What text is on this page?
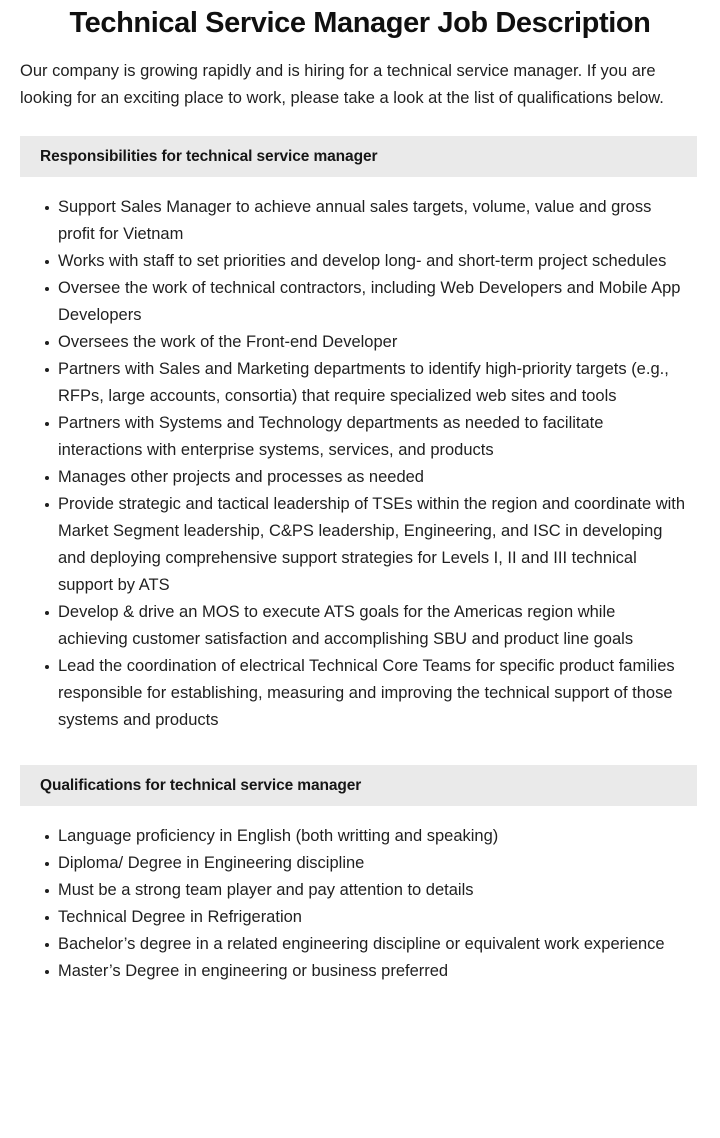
Technical Service Manager Job Description

Our company is growing rapidly and is hiring for a technical service manager. If you are looking for an exciting place to work, please take a look at the list of qualifications below.

Responsibilities for technical service manager
Support Sales Manager to achieve annual sales targets, volume, value and gross profit for Vietnam
Works with staff to set priorities and develop long- and short-term project schedules
Oversee the work of technical contractors, including Web Developers and Mobile App Developers
Oversees the work of the Front-end Developer
Partners with Sales and Marketing departments to identify high-priority targets (e.g., RFPs, large accounts, consortia) that require specialized web sites and tools
Partners with Systems and Technology departments as needed to facilitate interactions with enterprise systems, services, and products
Manages other projects and processes as needed
Provide strategic and tactical leadership of TSEs within the region and coordinate with Market Segment leadership, C&PS leadership, Engineering, and ISC in developing and deploying comprehensive support strategies for Levels I, II and III technical support by ATS
Develop & drive an MOS to execute ATS goals for the Americas region while achieving customer satisfaction and accomplishing SBU and product line goals
Lead the coordination of electrical Technical Core Teams for specific product families responsible for establishing, measuring and improving the technical support of those systems and products
Qualifications for technical service manager
Language proficiency in English (both writting and speaking)
Diploma/ Degree in Engineering discipline
Must be a strong team player and pay attention to details
Technical Degree in Refrigeration
Bachelor’s degree in a related engineering discipline or equivalent work experience
Master’s Degree in engineering or business preferred
